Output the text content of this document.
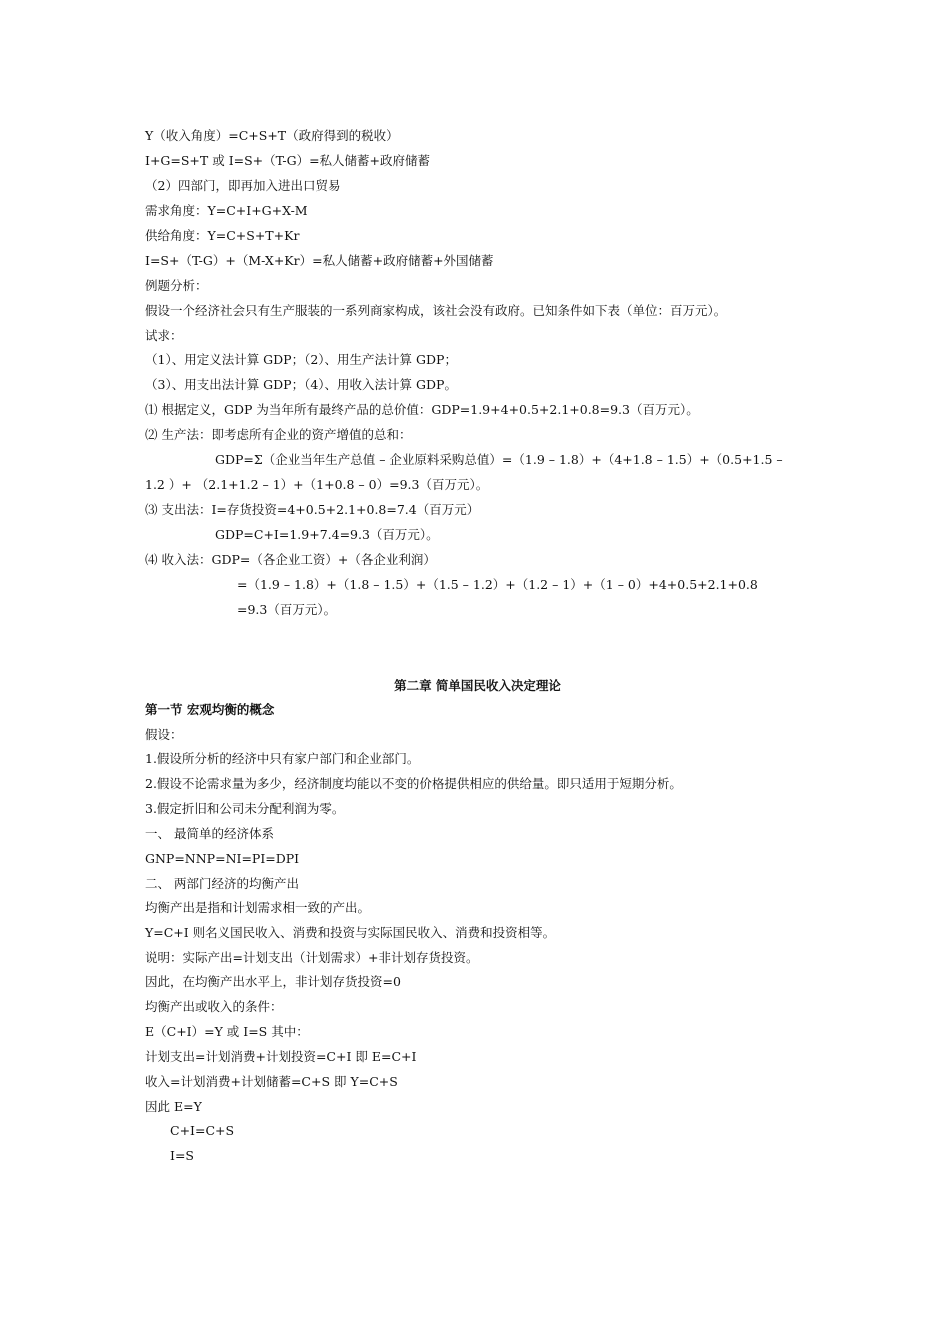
Y（收入角度）=C+S+T（政府得到的税收）
I+G=S+T 或 I=S+（T-G）=私人储蓄+政府储蓄
（2）四部门，即再加入进出口贸易
需求角度：Y=C+I+G+X-M
供给角度：Y=C+S+T+Kr
I=S+（T-G）+（M-X+Kr）=私人储蓄+政府储蓄+外国储蓄
例题分析：
假设一个经济社会只有生产服装的一系列商家构成，该社会没有政府。已知条件如下表（单位：百万元）。
试求：
（1）、用定义法计算 GDP；（2）、用生产法计算 GDP；
（3）、用支出法计算 GDP；（4）、用收入法计算 GDP。
⑴ 根据定义，GDP 为当年所有最终产品的总价值：GDP=1.9+4+0.5+2.1+0.8=9.3（百万元）。
⑵ 生产法：即考虑所有企业的资产增值的总和：
GDP=Σ（企业当年生产总值 – 企业原料采购总值）=（1.9 – 1.8）+（4+1.8 – 1.5）+（0.5+1.5 –
1.2 ）+ （2.1+1.2 – 1）+（1+0.8 – 0）=9.3（百万元）。
⑶ 支出法：I=存货投资=4+0.5+2.1+0.8=7.4（百万元）
GDP=C+I=1.9+7.4=9.3（百万元）。
⑷ 收入法：GDP=（各企业工资）+（各企业利润）
=（1.9 – 1.8）+（1.8 – 1.5）+（1.5 – 1.2）+（1.2 – 1）+（1 – 0）+4+0.5+2.1+0.8
=9.3（百万元）。
第二章 简单国民收入决定理论
第一节 宏观均衡的概念
假设：
1.假设所分析的经济中只有家户部门和企业部门。
2.假设不论需求量为多少，经济制度均能以不变的价格提供相应的供给量。即只适用于短期分析。
3.假定折旧和公司未分配利润为零。
一、 最简单的经济体系
GNP=NNP=NI=PI=DPI
二、 两部门经济的均衡产出
均衡产出是指和计划需求相一致的产出。
Y=C+I 则名义国民收入、消费和投资与实际国民收入、消费和投资相等。
说明：实际产出=计划支出（计划需求）+非计划存货投资。
因此，在均衡产出水平上，非计划存货投资=0
均衡产出或收入的条件：
E（C+I）=Y 或 I=S 其中：
计划支出=计划消费+计划投资=C+I 即 E=C+I
收入=计划消费+计划储蓄=C+S 即 Y=C+S
因此 E=Y
C+I=C+S
I=S
